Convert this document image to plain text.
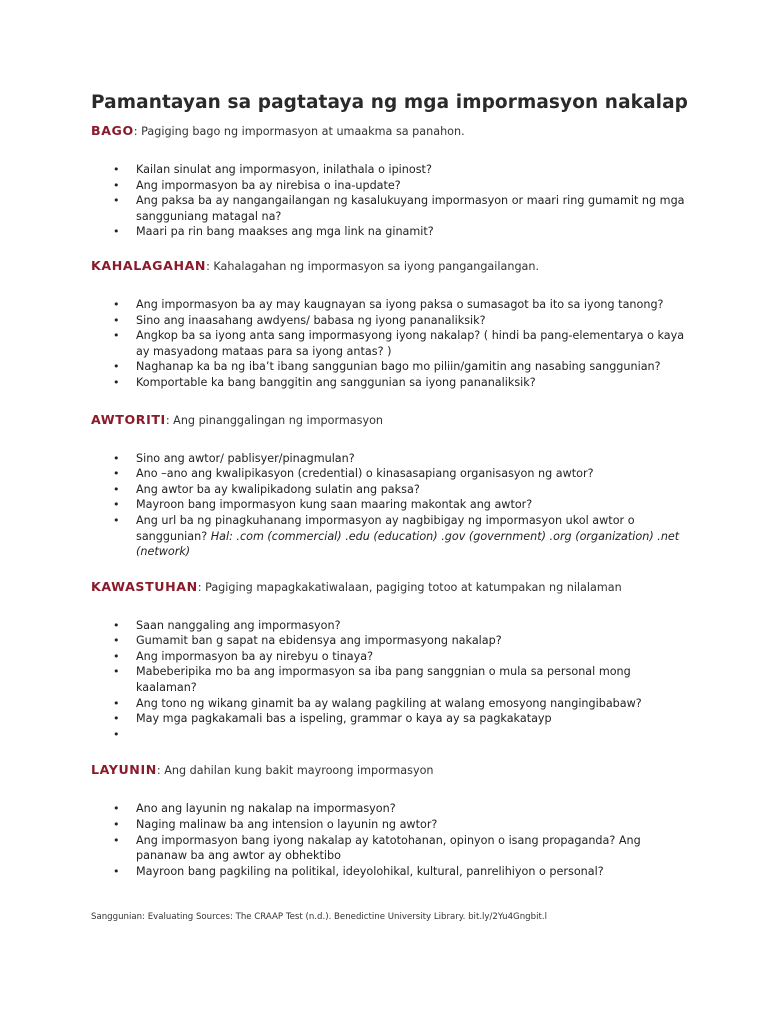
Pamantayan sa pagtataya ng mga impormasyon nakalap
BAGO: Pagiging bago ng impormasyon at umaakma sa panahon.
• Kailan sinulat ang impormasyon, inilathala o ipinost?
• Ang impormasyon ba ay nirebisa o ina-update?
• Ang paksa ba ay nangangailangan ng kasalukuyang impormasyon or maari ring gumamit ng mga sangguniang matagal na?
• Maari pa rin bang maakses ang mga link na ginamit?
KAHALAGAHAN: Kahalagahan ng impormasyon sa iyong pangangailangan.
• Ang impormasyon ba ay may kaugnayan sa iyong paksa o sumasagot ba ito sa iyong tanong?
• Sino ang inaasahang awdyens/ babasa ng iyong pananaliksik?
• Angkop ba sa iyong anta sang impormasyong iyong nakalap? ( hindi ba pang-elementarya o kaya ay masyadong mataas para sa iyong antas? )
• Naghanap ka ba ng iba’t ibang sanggunian bago mo piliin/gamitin ang nasabing sanggunian?
• Komportable ka bang banggitin ang sanggunian sa iyong pananaliksik?
AWTORITI: Ang pinanggalingan ng impormasyon
• Sino ang awtor/ pablisyer/pinagmulan?
• Ano –ano ang kwalipikasyon (credential) o kinasasapiang organisasyon ng awtor?
• Ang awtor ba ay kwalipikadong sulatin ang paksa?
• Mayroon bang impormasyon kung saan maaring makontak ang awtor?
• Ang url ba ng pinagkuhanang impormasyon ay nagbibigay ng impormasyon ukol awtor o sanggunian? Hal: .com (commercial) .edu (education) .gov (government) .org (organization) .net (network)
KAWASTUHAN: Pagiging mapagkakatiwalaan, pagiging totoo at katumpakan ng nilalaman
• Saan nanggaling ang impormasyon?
• Gumamit ban g sapat na ebidensya ang impormasyong nakalap?
• Ang impormasyon ba ay nirebyu o tinaya?
• Mabeberipika mo ba ang impormasyon sa iba pang sanggnian o mula sa personal mong kaalaman?
• Ang tono ng wikang ginamit ba ay walang pagkiling at walang emosyong nangingibabaw?
• May mga pagkakamali bas a ispeling, grammar o kaya ay sa pagkakatayp
•
LAYUNIN: Ang dahilan kung bakit mayroong impormasyon
• Ano ang layunin ng nakalap na impormasyon?
• Naging malinaw ba ang intension o layunin ng awtor?
• Ang impormasyon bang iyong nakalap ay katotohanan, opinyon o isang propaganda? Ang pananaw ba ang awtor ay obhektibo
• Mayroon bang pagkiling na politikal, ideyolohikal, kultural, panrelihiyon o personal?
Sanggunian: Evaluating Sources: The CRAAP Test (n.d.). Benedictine University Library. bit.ly/2Yu4Gngbit.l
